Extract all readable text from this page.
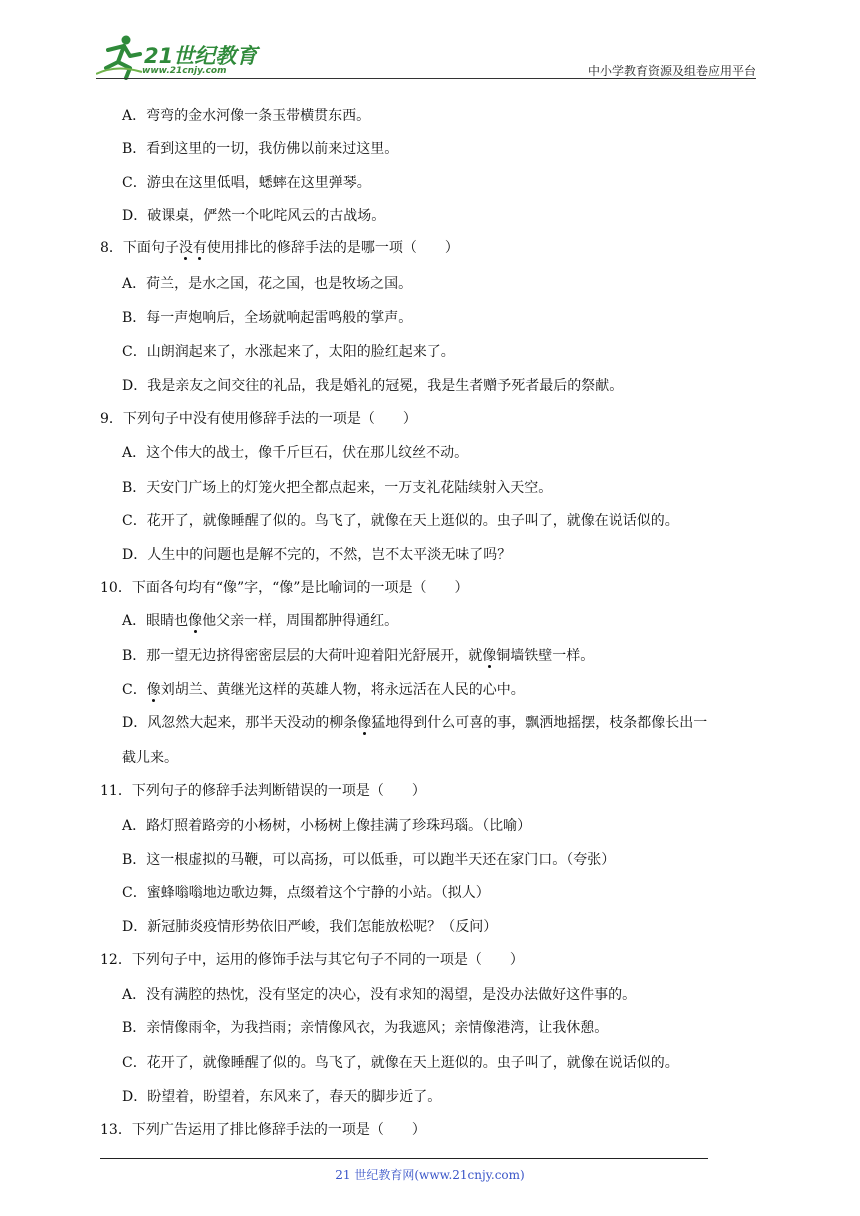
21世纪教育
www.21cnjy.com	中小学教育资源及组卷应用平台
A．弯弯的金水河像一条玉带横贯东西。
B．看到这里的一切，我仿佛以前来过这里。
C．游虫在这里低唱，蟋蟀在这里弹琴。
D．破课桌，俨然一个叱咤风云的古战场。
8．下面句子没有使用排比的修辞手法的是哪一项（　　）
A．荷兰，是水之国，花之国，也是牧场之国。
B．每一声炮响后，全场就响起雷鸣般的掌声。
C．山朗润起来了，水涨起来了，太阳的脸红起来了。
D．我是亲友之间交往的礼品，我是婚礼的冠冕，我是生者赠予死者最后的祭献。
9．下列句子中没有使用修辞手法的一项是（　　）
A．这个伟大的战士，像千斤巨石，伏在那儿纹丝不动。
B．天安门广场上的灯笼火把全都点起来，一万支礼花陆续射入天空。
C．花开了，就像睡醒了似的。鸟飞了，就像在天上逛似的。虫子叫了，就像在说话似的。
D．人生中的问题也是解不完的，不然，岂不太平淡无味了吗？
10．下面各句均有“像”字，“像”是比喻词的一项是（　　）
A．眼睛也像他父亲一样，周围都肿得通红。
B．那一望无边挤得密密层层的大荷叶迎着阳光舒展开，就像铜墙铁壁一样。
C．像刘胡兰、黄继光这样的英雄人物，将永远活在人民的心中。
D．风忽然大起来，那半天没动的柳条像猛地得到什么可喜的事，飘洒地摇摆，枝条都像长出一
截儿来。
11．下列句子的修辞手法判断错误的一项是（　　）
A．路灯照着路旁的小杨树，小杨树上像挂满了珍珠玛瑙。（比喻）
B．这一根虚拟的马鞭，可以高扬，可以低垂，可以跑半天还在家门口。（夸张）
C．蜜蜂嗡嗡地边歌边舞，点缀着这个宁静的小站。（拟人）
D．新冠肺炎疫情形势依旧严峻，我们怎能放松呢？（反问）
12．下列句子中，运用的修饰手法与其它句子不同的一项是（　　）
A．没有满腔的热忱，没有坚定的决心，没有求知的渴望，是没办法做好这件事的。
B．亲情像雨伞，为我挡雨；亲情像风衣，为我遮风；亲情像港湾，让我休憩。
C．花开了，就像睡醒了似的。鸟飞了，就像在天上逛似的。虫子叫了，就像在说话似的。
D．盼望着，盼望着，东风来了，春天的脚步近了。
13．下列广告运用了排比修辞手法的一项是（　　）
21 世纪教育网(www.21cnjy.com)
